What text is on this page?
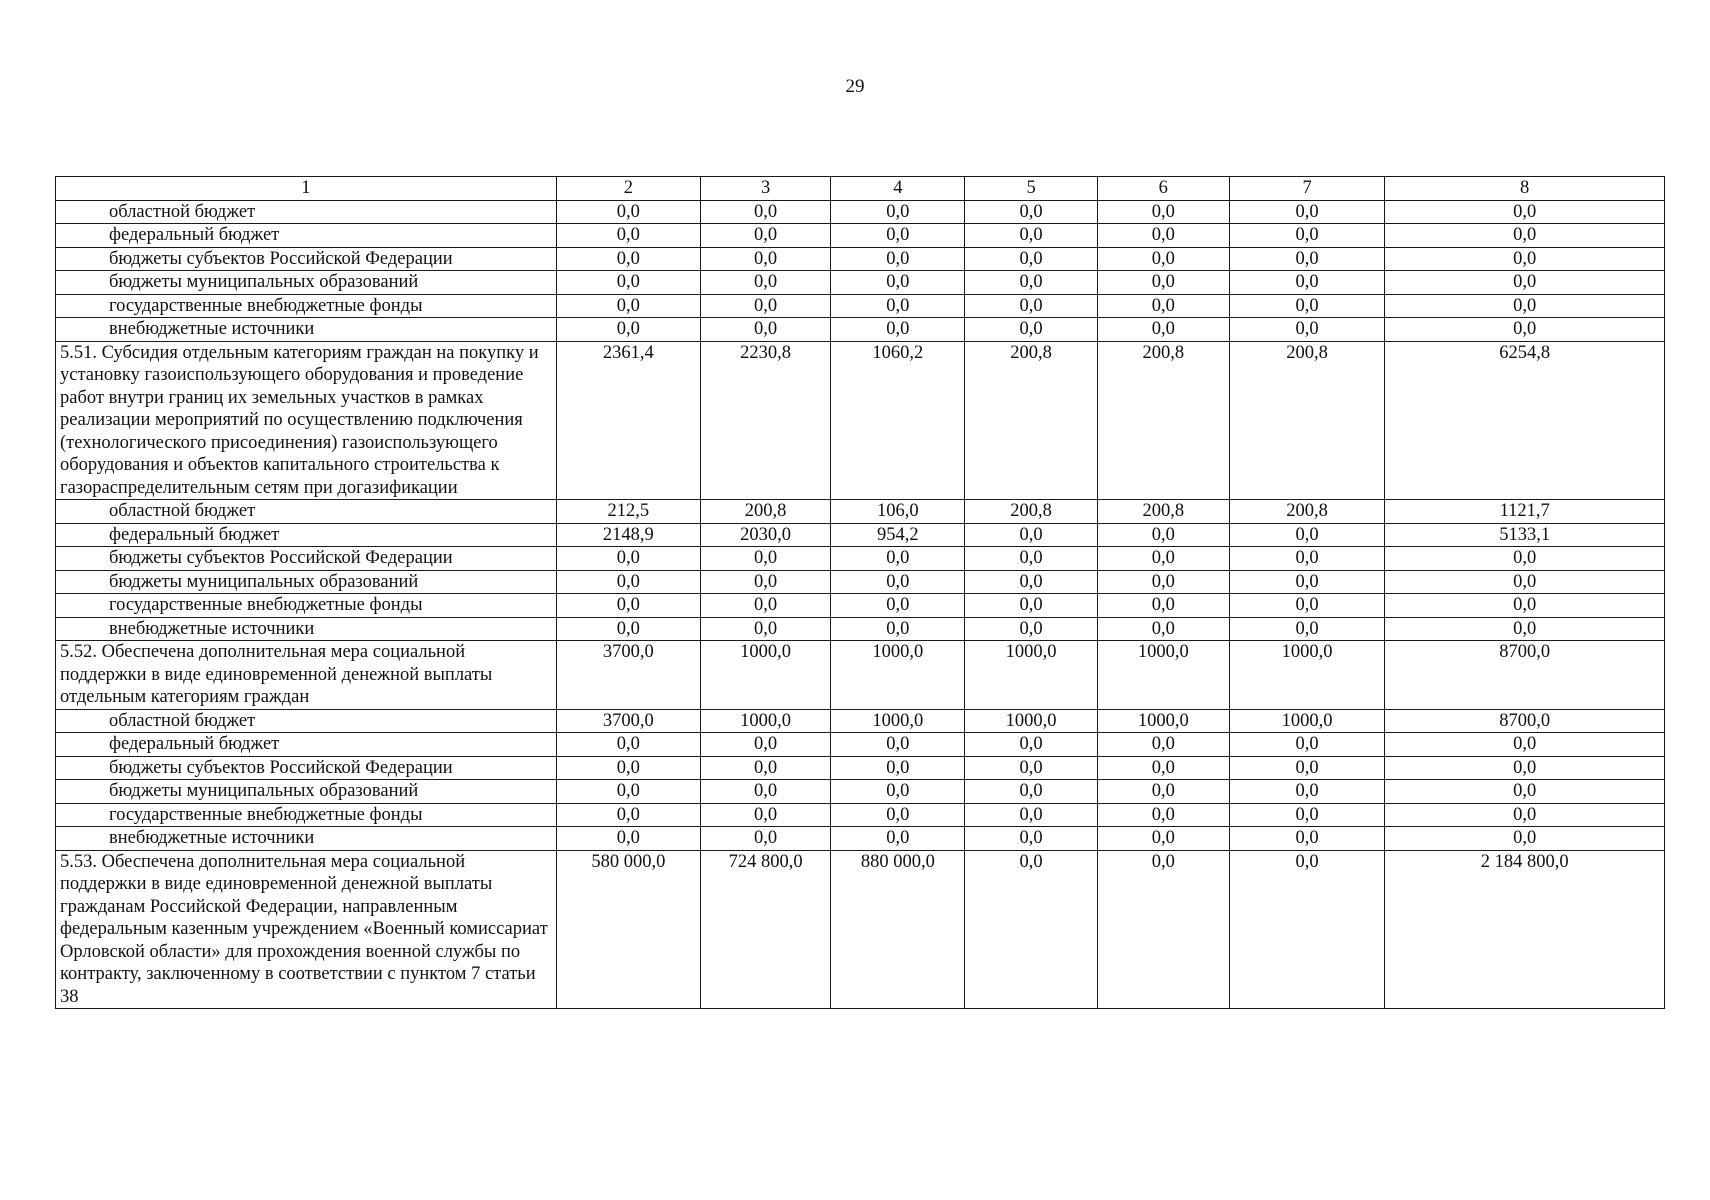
29
1	2	3	4	5	6	7	8
областной бюджет	0,0	0,0	0,0	0,0	0,0	0,0	0,0
федеральный бюджет	0,0	0,0	0,0	0,0	0,0	0,0	0,0
бюджеты субъектов Российской Федерации	0,0	0,0	0,0	0,0	0,0	0,0	0,0
бюджеты муниципальных образований	0,0	0,0	0,0	0,0	0,0	0,0	0,0
государственные внебюджетные фонды	0,0	0,0	0,0	0,0	0,0	0,0	0,0
внебюджетные источники	0,0	0,0	0,0	0,0	0,0	0,0	0,0
5.51. Субсидия отдельным категориям граждан на покупку и установку газоиспользующего оборудования и проведение работ внутри границ их земельных участков в рамках реализации мероприятий по осуществлению подключения (технологического присоединения) газоиспользующего оборудования и объектов капитального строительства к газораспределительным сетям при догазификации	2361,4	2230,8	1060,2	200,8	200,8	200,8	6254,8
областной бюджет	212,5	200,8	106,0	200,8	200,8	200,8	1121,7
федеральный бюджет	2148,9	2030,0	954,2	0,0	0,0	0,0	5133,1
бюджеты субъектов Российской Федерации	0,0	0,0	0,0	0,0	0,0	0,0	0,0
бюджеты муниципальных образований	0,0	0,0	0,0	0,0	0,0	0,0	0,0
государственные внебюджетные фонды	0,0	0,0	0,0	0,0	0,0	0,0	0,0
внебюджетные источники	0,0	0,0	0,0	0,0	0,0	0,0	0,0
5.52. Обеспечена дополнительная мера социальной поддержки в виде единовременной денежной выплаты отдельным категориям граждан	3700,0	1000,0	1000,0	1000,0	1000,0	1000,0	8700,0
областной бюджет	3700,0	1000,0	1000,0	1000,0	1000,0	1000,0	8700,0
федеральный бюджет	0,0	0,0	0,0	0,0	0,0	0,0	0,0
бюджеты субъектов Российской Федерации	0,0	0,0	0,0	0,0	0,0	0,0	0,0
бюджеты муниципальных образований	0,0	0,0	0,0	0,0	0,0	0,0	0,0
государственные внебюджетные фонды	0,0	0,0	0,0	0,0	0,0	0,0	0,0
внебюджетные источники	0,0	0,0	0,0	0,0	0,0	0,0	0,0
5.53. Обеспечена дополнительная мера социальной поддержки в виде единовременной денежной выплаты гражданам Российской Федерации, направленным федеральным казенным учреждением «Военный комиссариат Орловской области» для прохождения военной службы по контракту, заключенному в соответствии с пунктом 7 статьи 38	580 000,0	724 800,0	880 000,0	0,0	0,0	0,0	2 184 800,0
